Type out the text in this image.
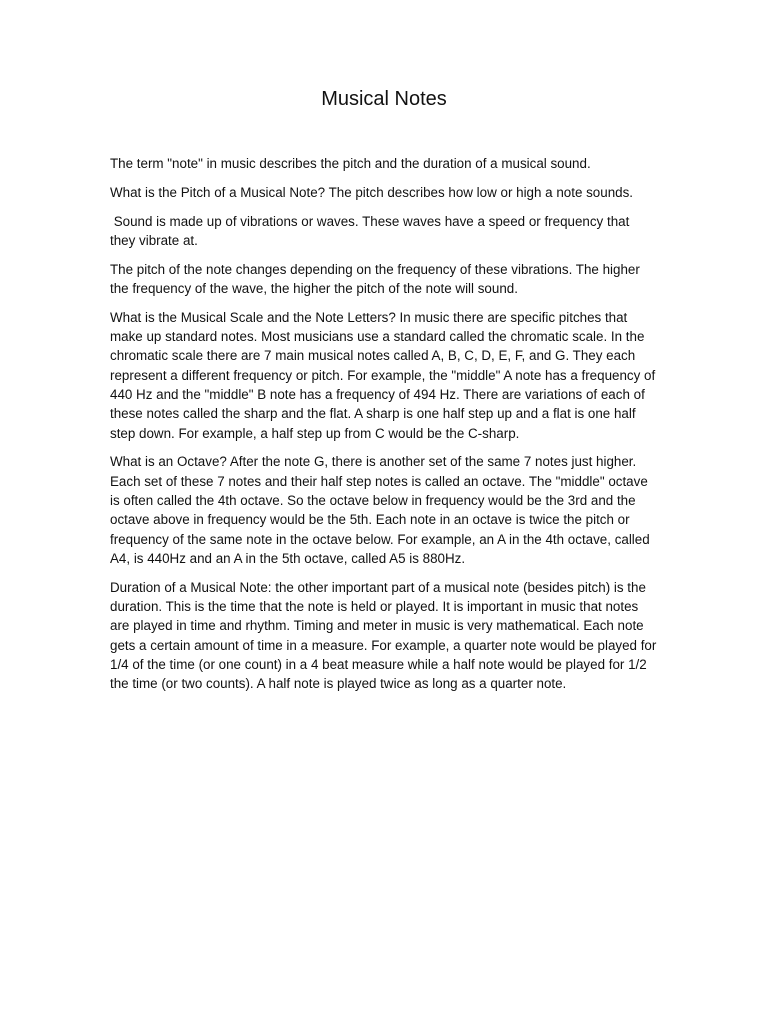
Musical Notes

The term "note" in music describes the pitch and the duration of a musical sound.

What is the Pitch of a Musical Note? The pitch describes how low or high a note sounds.

Sound is made up of vibrations or waves. These waves have a speed or frequency that they vibrate at.

The pitch of the note changes depending on the frequency of these vibrations. The higher the frequency of the wave, the higher the pitch of the note will sound.

What is the Musical Scale and the Note Letters? In music there are specific pitches that make up standard notes. Most musicians use a standard called the chromatic scale. In the chromatic scale there are 7 main musical notes called A, B, C, D, E, F, and G. They each represent a different frequency or pitch. For example, the "middle" A note has a frequency of 440 Hz and the "middle" B note has a frequency of 494 Hz. There are variations of each of these notes called the sharp and the flat. A sharp is one half step up and a flat is one half step down. For example, a half step up from C would be the C-sharp.

What is an Octave? After the note G, there is another set of the same 7 notes just higher. Each set of these 7 notes and their half step notes is called an octave. The "middle" octave is often called the 4th octave. So the octave below in frequency would be the 3rd and the octave above in frequency would be the 5th. Each note in an octave is twice the pitch or frequency of the same note in the octave below. For example, an A in the 4th octave, called A4, is 440Hz and an A in the 5th octave, called A5 is 880Hz.

Duration of a Musical Note: the other important part of a musical note (besides pitch) is the duration. This is the time that the note is held or played. It is important in music that notes are played in time and rhythm. Timing and meter in music is very mathematical. Each note gets a certain amount of time in a measure. For example, a quarter note would be played for 1/4 of the time (or one count) in a 4 beat measure while a half note would be played for 1/2 the time (or two counts). A half note is played twice as long as a quarter note.
